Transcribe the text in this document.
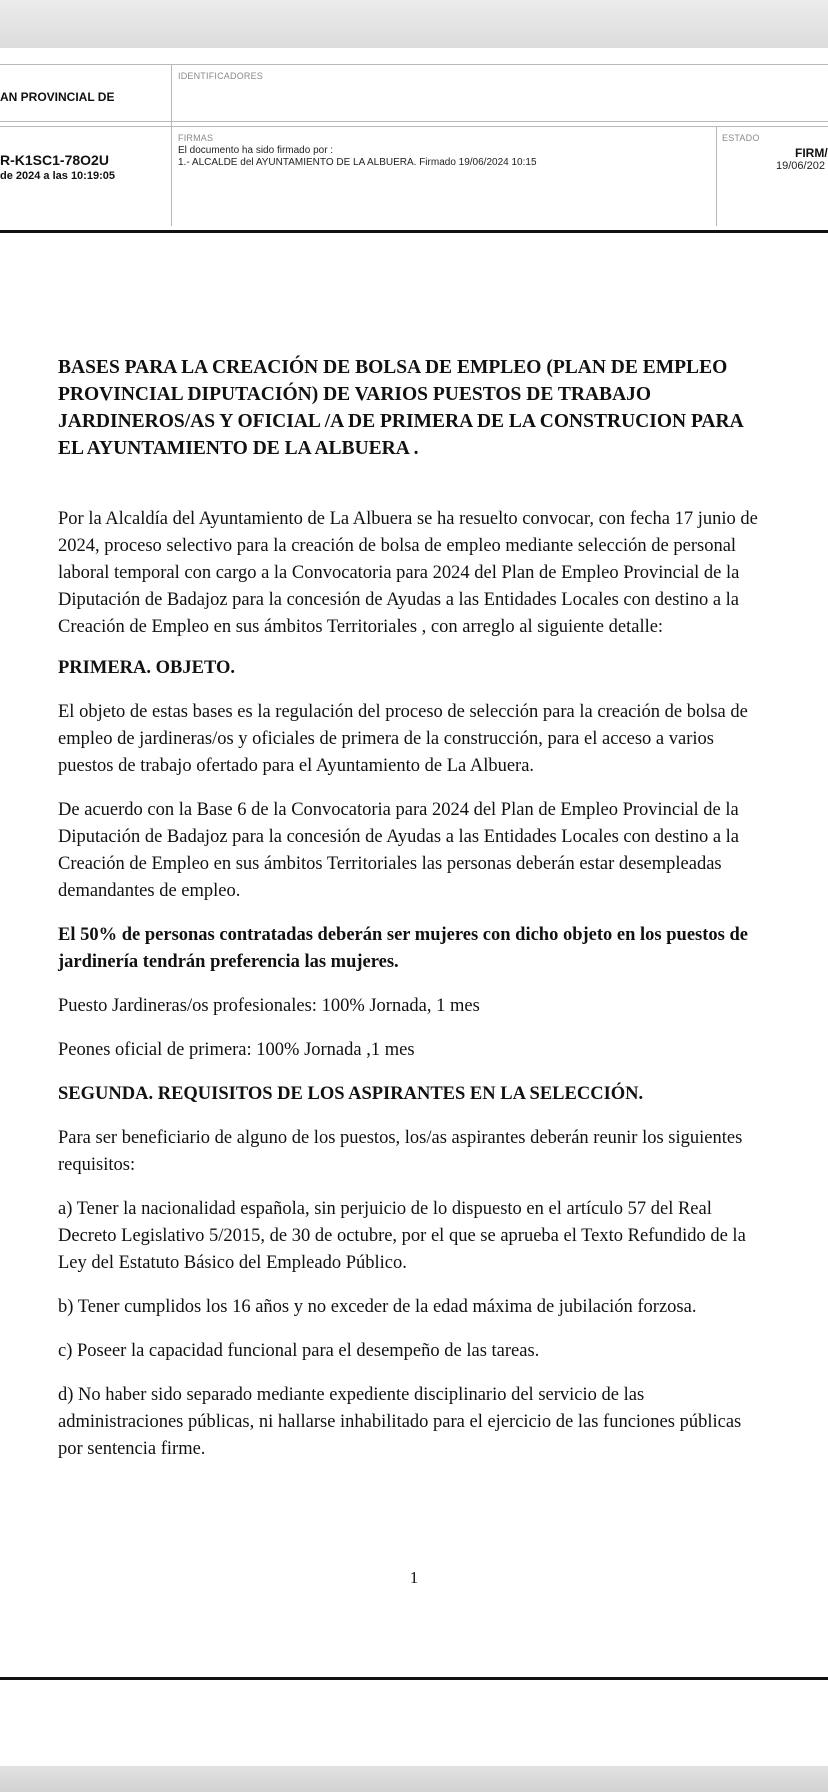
AN PROVINCIAL DE
IDENTIFICADORES
FIRMAS
El documento ha sido firmado por :
1.- ALCALDE del AYUNTAMIENTO DE LA ALBUERA. Firmado 19/06/2024 10:15
ESTADO
FIRM/
19/06/202
R-K1SC1-78O2U
de 2024 a las 10:19:05

BASES PARA LA CREACIÓN DE BOLSA DE EMPLEO (PLAN DE EMPLEO PROVINCIAL DIPUTACIÓN) DE VARIOS PUESTOS DE TRABAJO JARDINEROS/AS Y OFICIAL /A DE PRIMERA DE LA CONSTRUCION PARA EL AYUNTAMIENTO DE LA ALBUERA .

Por la Alcaldía del Ayuntamiento de La Albuera se ha resuelto convocar, con fecha 17 junio de 2024, proceso selectivo para la creación de bolsa de empleo mediante selección de personal laboral temporal con cargo a la Convocatoria para 2024 del Plan de Empleo Provincial de la Diputación de Badajoz para la concesión de Ayudas a las Entidades Locales con destino a la Creación de Empleo en sus ámbitos Territoriales , con arreglo al siguiente detalle:

PRIMERA. OBJETO.

El objeto de estas bases es la regulación del proceso de selección para la creación de bolsa de empleo de jardineras/os y oficiales de primera de la construcción, para el acceso a varios puestos de trabajo ofertado para el Ayuntamiento de La Albuera.

De acuerdo con la Base 6 de la Convocatoria para 2024 del Plan de Empleo Provincial de la Diputación de Badajoz para la concesión de Ayudas a las Entidades Locales con destino a la Creación de Empleo en sus ámbitos Territoriales las personas deberán estar desempleadas demandantes de empleo.

El 50% de personas contratadas deberán ser mujeres con dicho objeto en los puestos de jardinería tendrán preferencia las mujeres.

Puesto Jardineras/os profesionales: 100% Jornada, 1 mes

Peones oficial de primera: 100% Jornada ,1 mes

SEGUNDA. REQUISITOS DE LOS ASPIRANTES EN LA SELECCIÓN.

Para ser beneficiario de alguno de los puestos, los/as aspirantes deberán reunir los siguientes requisitos:

a) Tener la nacionalidad española, sin perjuicio de lo dispuesto en el artículo 57 del Real Decreto Legislativo 5/2015, de 30 de octubre, por el que se aprueba el Texto Refundido de la Ley del Estatuto Básico del Empleado Público.

b) Tener cumplidos los 16 años y no exceder de la edad máxima de jubilación forzosa.

c) Poseer la capacidad funcional para el desempeño de las tareas.

d) No haber sido separado mediante expediente disciplinario del servicio de las administraciones públicas, ni hallarse inhabilitado para el ejercicio de las funciones públicas por sentencia firme.

1
